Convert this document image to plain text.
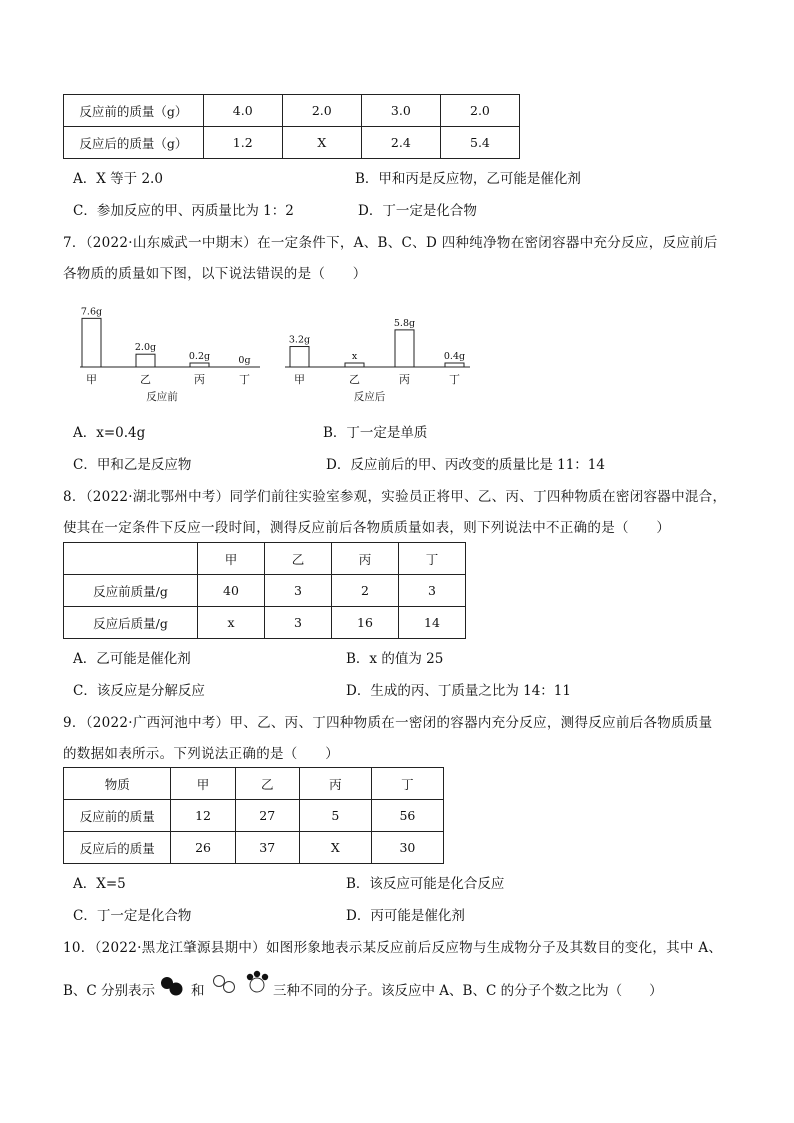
反应前的质量（g）	4.0	2.0	3.0	2.0
反应后的质量（g）	1.2	X	2.4	5.4
A．X 等于 2.0	B．甲和丙是反应物，乙可能是催化剂
C．参加反应的甲、丙质量比为 1：2	D．丁一定是化合物
7．（2022·山东威武一中期末）在一定条件下，A、B、C、D 四种纯净物在密闭容器中充分反应，反应前后
各物质的质量如下图，以下说法错误的是（　　）
7.6g
甲
2.0g
乙
0.2g
丙
0g
丁
反应前
3.2g
甲
x
乙
5.8g
丙
0.4g
丁
反应后
A．x=0.4g	B．丁一定是单质
C．甲和乙是反应物	D．反应前后的甲、丙改变的质量比是 11：14
8．（2022·湖北鄂州中考）同学们前往实验室参观，实验员正将甲、乙、丙、丁四种物质在密闭容器中混合，
使其在一定条件下反应一段时间，测得反应前后各物质质量如表，则下列说法中不正确的是（　　）
	甲	乙	丙	丁
反应前质量/g	40	3	2	3
反应后质量/g	x	3	16	14
A．乙可能是催化剂	B．x 的值为 25
C．该反应是分解反应	D．生成的丙、丁质量之比为 14：11
9．（2022·广西河池中考）甲、乙、丙、丁四种物质在一密闭的容器内充分反应，测得反应前后各物质质量
的数据如表所示。下列说法正确的是（　　）
物质	甲	乙	丙	丁
反应前的质量	12	27	5	56
反应后的质量	26	37	X	30
A．X=5	B．该反应可能是化合反应
C．丁一定是化合物	D．丙可能是催化剂
10．（2022·黑龙江肇源县期中）如图形象地表示某反应前后反应物与生成物分子及其数目的变化，其中 A、
B、C 分别表示	和	三种不同的分子。该反应中 A、B、C 的分子个数之比为（　　）
